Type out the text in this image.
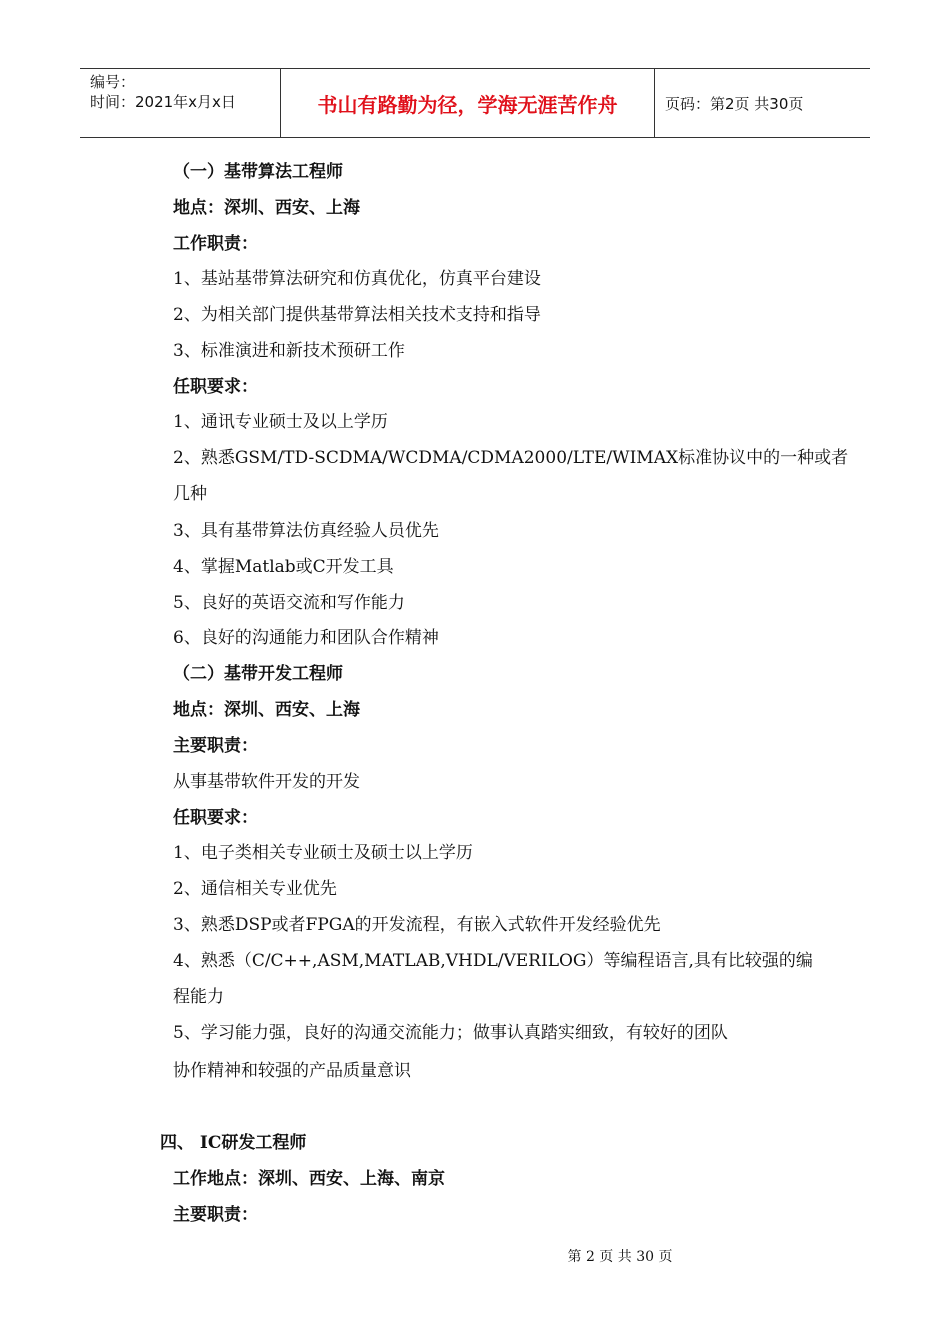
编号：
时间：2021年x月x日	书山有路勤为径，学海无涯苦作舟	页码：第2页 共30页
（一）基带算法工程师
地点：深圳、西安、上海
工作职责：
1、基站基带算法研究和仿真优化，仿真平台建设
2、为相关部门提供基带算法相关技术支持和指导
3、标准演进和新技术预研工作
任职要求：
1、通讯专业硕士及以上学历
2、熟悉GSM/TD-SCDMA/WCDMA/CDMA2000/LTE/WIMAX标准协议中的一种或者
几种
3、具有基带算法仿真经验人员优先
4、掌握Matlab或C开发工具
5、良好的英语交流和写作能力
6、良好的沟通能力和团队合作精神
（二）基带开发工程师
地点：深圳、西安、上海
主要职责：
从事基带软件开发的开发
任职要求：
1、电子类相关专业硕士及硕士以上学历
2、通信相关专业优先
3、熟悉DSP或者FPGA的开发流程，有嵌入式软件开发经验优先
4、熟悉（C/C++,ASM,MATLAB,VHDL/VERILOG）等编程语言,具有比较强的编
程能力
5、学习能力强，良好的沟通交流能力；做事认真踏实细致，有较好的团队
协作精神和较强的产品质量意识
四、 IC研发工程师
工作地点：深圳、西安、上海、南京
主要职责：
第 2 页 共 30 页
